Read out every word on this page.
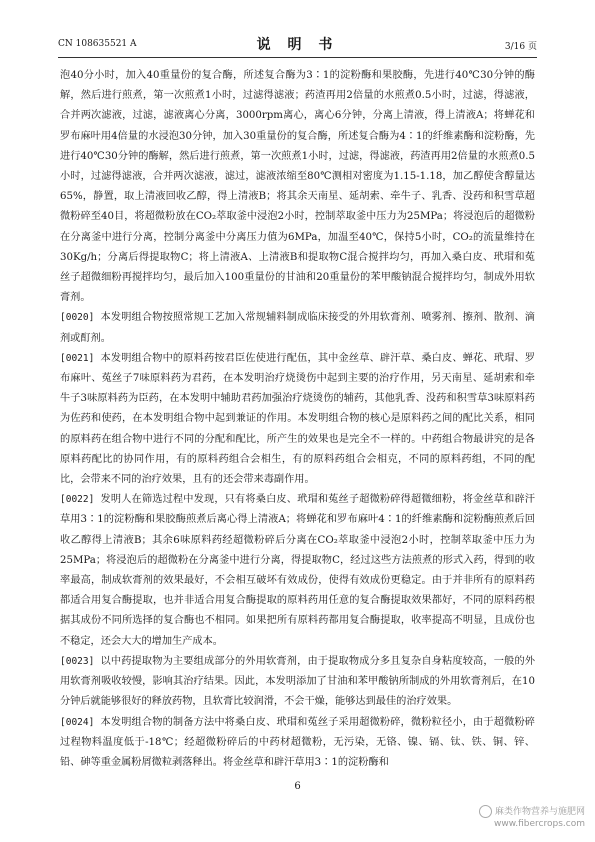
CN 108635521 A	说 明 书	3/16 页

泡40分小时，加入40重量份的复合酶，所述复合酶为3∶1的淀粉酶和果胶酶，先进行40℃30分钟的酶解，然后进行煎煮，第一次煎煮1小时，过滤得滤液；药渣再用2倍量的水煎煮0.5小时，过滤，得滤液，合并两次滤液，过滤，滤液离心分离，3000rpm离心，离心6分钟，分离上清液，得上清液A；将蝉花和罗布麻叶用4倍量的水浸泡30分钟，加入30重量份的复合酶，所述复合酶为4∶1的纤维素酶和淀粉酶，先进行40℃30分钟的酶解，然后进行煎煮，第一次煎煮1小时，过滤，得滤液，药渣再用2倍量的水煎煮0.5小时，过滤得滤液，合并两次滤液，滤过，滤液浓缩至80℃测相对密度为1.15-1.18，加乙醇使含醇量达65%，静置，取上清液回收乙醇，得上清液B；将其余天南星、延胡索、牵牛子、乳香、没药和积雪草超微粉碎至40目，将超微粉放在CO₂萃取釜中浸泡2小时，控制萃取釜中压力为25MPa；将浸泡后的超微粉在分离釜中进行分离，控制分离釜中分离压力值为6MPa，加温至40℃，保持5小时，CO₂的流量维持在30Kg/h；分离后得提取物C；将上清液A、上清液B和提取物C混合搅拌均匀，再加入桑白皮、玳瑁和菟丝子超微细粉再搅拌均匀，最后加入100重量份的甘油和20重量份的苯甲酸钠混合搅拌均匀，制成外用软膏剂。

[0020] 本发明组合物按照常规工艺加入常规辅料制成临床接受的外用软膏剂、喷雾剂、擦剂、散剂、滴剂或酊剂。

[0021] 本发明组合物中的原料药按君臣佐使进行配伍，其中金丝草、辟汗草、桑白皮、蝉花、玳瑁、罗布麻叶、菟丝子7味原料药为君药，在本发明治疗烧烫伤中起到主要的治疗作用，另天南星、延胡索和牵牛子3味原料药为臣药，在本发明中辅助君药加强治疗烧烫伤的辅药，其他乳香、没药和积雪草3味原料药为佐药和使药，在本发明组合物中起到兼证的作用。本发明组合物的核心是原料药之间的配比关系，相同的原料药在组合物中进行不同的分配和配比，所产生的效果也是完全不一样的。中药组合物最讲究的是各原料药配比的协同作用，有的原料药组合会相生，有的原料药组合会相克，不同的原料药组，不同的配比，会带来不同的治疗效果，且有的还会带来毒副作用。

[0022] 发明人在筛选过程中发现，只有将桑白皮、玳瑁和菟丝子超微粉碎得超微细粉，将金丝草和辟汗草用3∶1的淀粉酶和果胶酶煎煮后离心得上清液A；将蝉花和罗布麻叶4∶1的纤维素酶和淀粉酶煎煮后回收乙醇得上清液B；其余6味原料药经超微粉碎后分离在CO₂萃取釜中浸泡2小时，控制萃取釜中压力为25MPa；将浸泡后的超微粉在分离釜中进行分离，得提取物C，经过这些方法煎煮的形式入药，得到的收率最高，制成软膏剂的效果最好，不会相互破坏有效成份，使得有效成份更稳定。由于并非所有的原料药都适合用复合酶提取，也并非适合用复合酶提取的原料药用任意的复合酶提取效果都好，不同的原料药根据其成份不同所选择的复合酶也不相同。如果把所有原料药都用复合酶提取，收率提高不明显，且成份也不稳定，还会大大的增加生产成本。

[0023] 以中药提取物为主要组成部分的外用软膏剂，由于提取物成分多且复杂自身粘度较高，一般的外用软膏剂吸收较慢，影响其治疗结果。因此，本发明添加了甘油和苯甲酸钠所制成的外用软膏剂后，在10分钟后就能够很好的释放药物，且软膏比较润滑，不会干燥，能够达到最佳的治疗效果。

[0024] 本发明组合物的制备方法中将桑白皮、玳瑁和菟丝子采用超微粉碎，微粉粒径小，由于超微粉碎过程物料温度低于-18℃；经超微粉碎后的中药材超微粉，无污染，无铬、镍、镉、钛、铁、铜、锌、铅、砷等重金属粉屑微粒剥落释出。将金丝草和辟汗草用3∶1的淀粉酶和

6
麻类作物营养与施肥网
www.fibercrops.com
